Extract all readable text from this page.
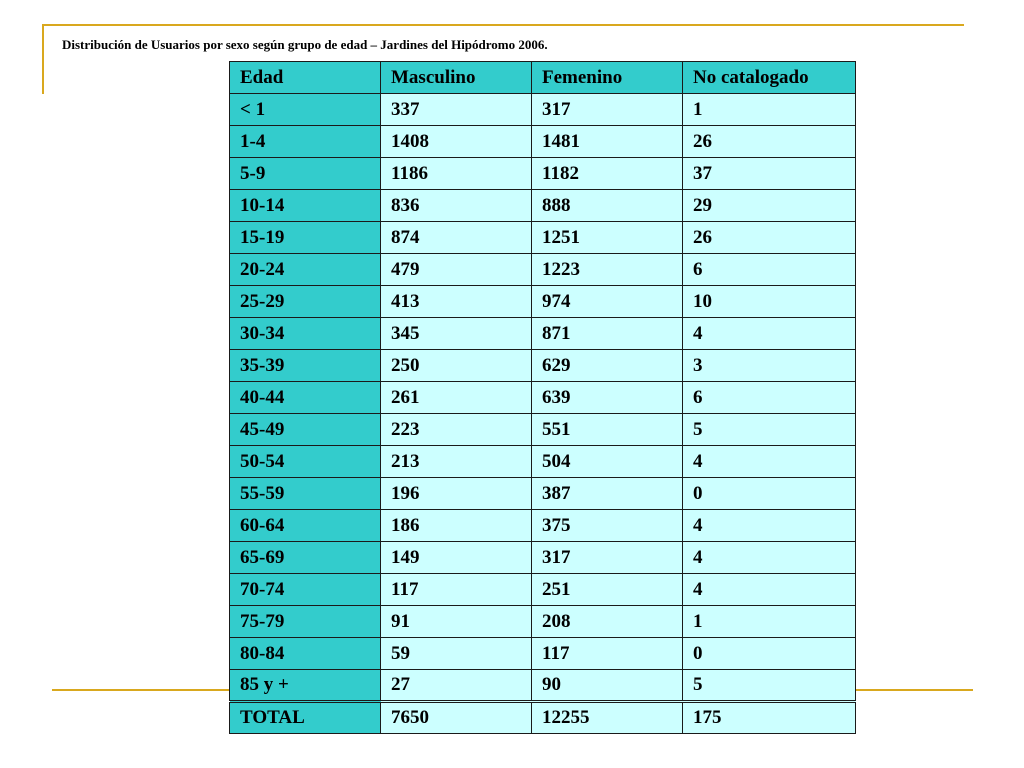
Distribución de Usuarios por sexo según grupo de edad – Jardines del Hipódromo 2006.
Edad	Masculino	Femenino	No catalogado
< 1	337	317	1
1-4	1408	1481	26
5-9	1186	1182	37
10-14	836	888	29
15-19	874	1251	26
20-24	479	1223	6
25-29	413	974	10
30-34	345	871	4
35-39	250	629	3
40-44	261	639	6
45-49	223	551	5
50-54	213	504	4
55-59	196	387	0
60-64	186	375	4
65-69	149	317	4
70-74	117	251	4
75-79	91	208	1
80-84	59	117	0
85 y +	27	90	5
TOTAL	7650	12255	175
